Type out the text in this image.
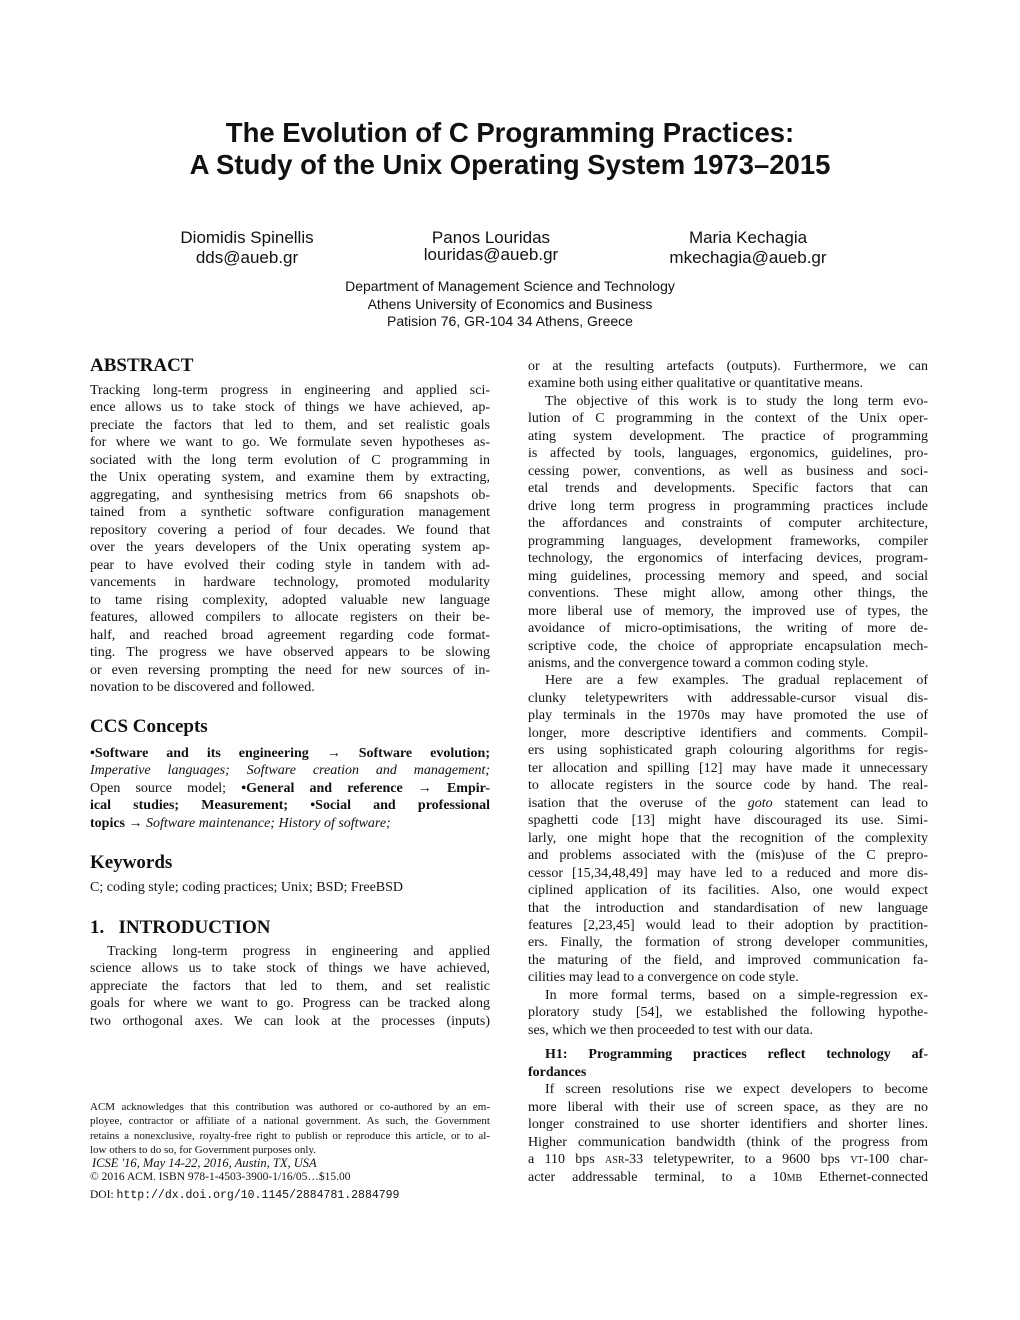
The Evolution of C Programming Practices:
A Study of the Unix Operating System 1973–2015
Diomidis Spinellis
dds@aueb.gr
Panos Louridas
louridas@aueb.gr
Maria Kechagia
mkechagia@aueb.gr
Department of Management Science and Technology
Athens University of Economics and Business
Patision 76, GR-104 34 Athens, Greece
ABSTRACT
Tracking long-term progress in engineering and applied sci-
ence allows us to take stock of things we have achieved, ap-
preciate the factors that led to them, and set realistic goals
for where we want to go. We formulate seven hypotheses as-
sociated with the long term evolution of C programming in
the Unix operating system, and examine them by extracting,
aggregating, and synthesising metrics from 66 snapshots ob-
tained from a synthetic software configuration management
repository covering a period of four decades. We found that
over the years developers of the Unix operating system ap-
pear to have evolved their coding style in tandem with ad-
vancements in hardware technology, promoted modularity
to tame rising complexity, adopted valuable new language
features, allowed compilers to allocate registers on their be-
half, and reached broad agreement regarding code format-
ting. The progress we have observed appears to be slowing
or even reversing prompting the need for new sources of in-
novation to be discovered and followed.
CCS Concepts
•Software and its engineering → Software evolution;
Imperative languages; Software creation and management;
Open source model; •General and reference → Empir-
ical studies; Measurement; •Social and professional
topics → Software maintenance; History of software;
Keywords
C; coding style; coding practices; Unix; BSD; FreeBSD
1.   INTRODUCTION
Tracking long-term progress in engineering and applied
science allows us to take stock of things we have achieved,
appreciate the factors that led to them, and set realistic
goals for where we want to go. Progress can be tracked along
two orthogonal axes. We can look at the processes (inputs)
ACM acknowledges that this contribution was authored or co-authored by an em-
ployee, contractor or affiliate of a national government. As such, the Government
retains a nonexclusive, royalty-free right to publish or reproduce this article, or to al-
low others to do so, for Government purposes only.
ICSE '16, May 14-22, 2016, Austin, TX, USA
© 2016 ACM. ISBN 978-1-4503-3900-1/16/05…$15.00
DOI: http://dx.doi.org/10.1145/2884781.2884799
or at the resulting artefacts (outputs). Furthermore, we can
examine both using either qualitative or quantitative means.
The objective of this work is to study the long term evo-
lution of C programming in the context of the Unix oper-
ating system development. The practice of programming
is affected by tools, languages, ergonomics, guidelines, pro-
cessing power, conventions, as well as business and soci-
etal trends and developments. Specific factors that can
drive long term progress in programming practices include
the affordances and constraints of computer architecture,
programming languages, development frameworks, compiler
technology, the ergonomics of interfacing devices, program-
ming guidelines, processing memory and speed, and social
conventions. These might allow, among other things, the
more liberal use of memory, the improved use of types, the
avoidance of micro-optimisations, the writing of more de-
scriptive code, the choice of appropriate encapsulation mech-
anisms, and the convergence toward a common coding style.
Here are a few examples. The gradual replacement of
clunky teletypewriters with addressable-cursor visual dis-
play terminals in the 1970s may have promoted the use of
longer, more descriptive identifiers and comments. Compil-
ers using sophisticated graph colouring algorithms for regis-
ter allocation and spilling [12] may have made it unnecessary
to allocate registers in the source code by hand. The real-
isation that the overuse of the goto statement can lead to
spaghetti code [13] might have discouraged its use. Simi-
larly, one might hope that the recognition of the complexity
and problems associated with the (mis)use of the C prepro-
cessor [15,34,48,49] may have led to a reduced and more dis-
ciplined application of its facilities. Also, one would expect
that the introduction and standardisation of new language
features [2,23,45] would lead to their adoption by practition-
ers. Finally, the formation of strong developer communities,
the maturing of the field, and improved communication fa-
cilities may lead to a convergence on code style.
In more formal terms, based on a simple-regression ex-
ploratory study [54], we established the following hypothe-
ses, which we then proceeded to test with our data.
H1: Programming practices reflect technology af-
fordances
If screen resolutions rise we expect developers to become
more liberal with their use of screen space, as they are no
longer constrained to use shorter identifiers and shorter lines.
Higher communication bandwidth (think of the progress from
a 110 bps asr-33 teletypewriter, to a 9600 bps vt-100 char-
acter addressable terminal, to a 10mb Ethernet-connected
